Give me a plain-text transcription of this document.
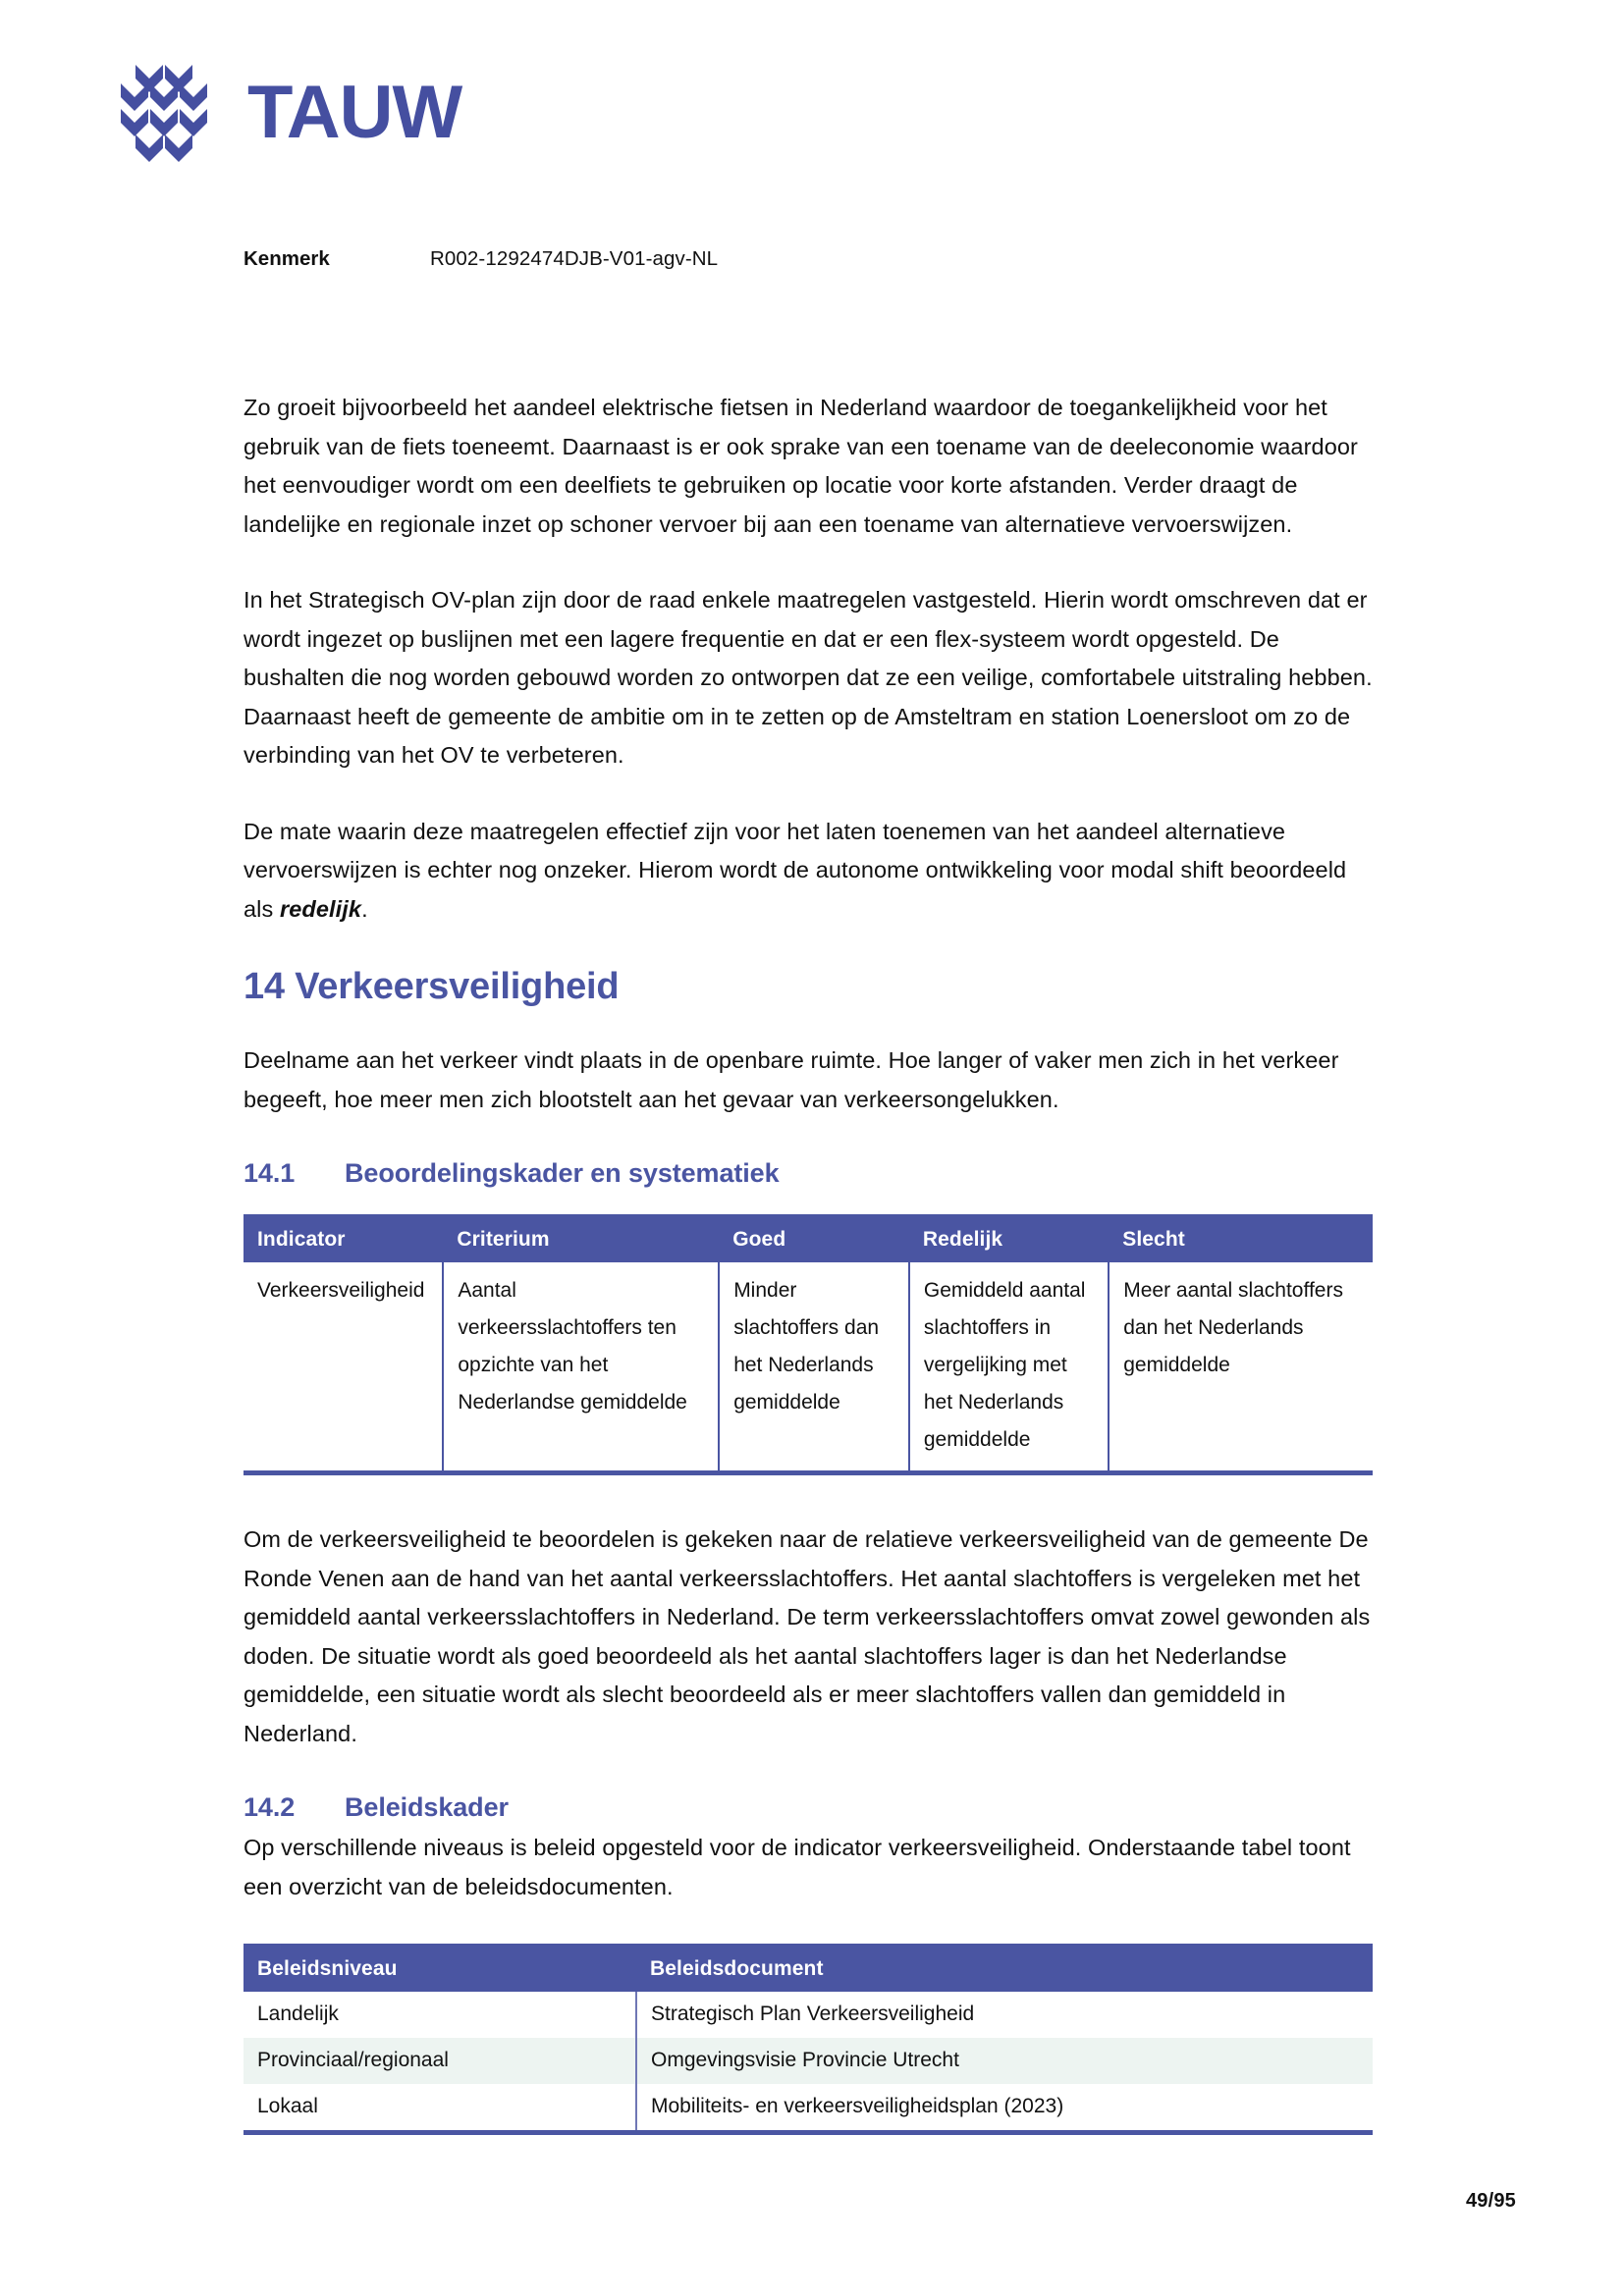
TAUW
Kenmerk	R002-1292474DJB-V01-agv-NL

Zo groeit bijvoorbeeld het aandeel elektrische fietsen in Nederland waardoor de toegankelijkheid voor het gebruik van de fiets toeneemt. Daarnaast is er ook sprake van een toename van de deeleconomie waardoor het eenvoudiger wordt om een deelfiets te gebruiken op locatie voor korte afstanden. Verder draagt de landelijke en regionale inzet op schoner vervoer bij aan een toename van alternatieve vervoerswijzen.

In het Strategisch OV-plan zijn door de raad enkele maatregelen vastgesteld. Hierin wordt omschreven dat er wordt ingezet op buslijnen met een lagere frequentie en dat er een flex-systeem wordt opgesteld. De bushalten die nog worden gebouwd worden zo ontworpen dat ze een veilige, comfortabele uitstraling hebben. Daarnaast heeft de gemeente de ambitie om in te zetten op de Amsteltram en station Loenersloot om zo de verbinding van het OV te verbeteren.

De mate waarin deze maatregelen effectief zijn voor het laten toenemen van het aandeel alternatieve vervoerswijzen is echter nog onzeker. Hierom wordt de autonome ontwikkeling voor modal shift beoordeeld als redelijk.

14 Verkeersveiligheid

Deelname aan het verkeer vindt plaats in de openbare ruimte. Hoe langer of vaker men zich in het verkeer begeeft, hoe meer men zich blootstelt aan het gevaar van verkeersongelukken.

14.1	Beoordelingskader en systematiek
Indicator	Criterium	Goed	Redelijk	Slecht
Verkeersveiligheid	Aantal verkeersslachtoffers ten opzichte van het Nederlandse gemiddelde	Minder slachtoffers dan het Nederlands gemiddelde	Gemiddeld aantal slachtoffers in vergelijking met het Nederlands gemiddelde	Meer aantal slachtoffers dan het Nederlands gemiddelde

Om de verkeersveiligheid te beoordelen is gekeken naar de relatieve verkeersveiligheid van de gemeente De Ronde Venen aan de hand van het aantal verkeersslachtoffers. Het aantal slachtoffers is vergeleken met het gemiddeld aantal verkeersslachtoffers in Nederland. De term verkeersslachtoffers omvat zowel gewonden als doden. De situatie wordt als goed beoordeeld als het aantal slachtoffers lager is dan het Nederlandse gemiddelde, een situatie wordt als slecht beoordeeld als er meer slachtoffers vallen dan gemiddeld in Nederland.

14.2	Beleidskader

Op verschillende niveaus is beleid opgesteld voor de indicator verkeersveiligheid. Onderstaande tabel toont een overzicht van de beleidsdocumenten.

Beleidsniveau	Beleidsdocument
Landelijk	Strategisch Plan Verkeersveiligheid
Provinciaal/regionaal	Omgevingsvisie Provincie Utrecht
Lokaal	Mobiliteits- en verkeersveiligheidsplan (2023)
49/95
